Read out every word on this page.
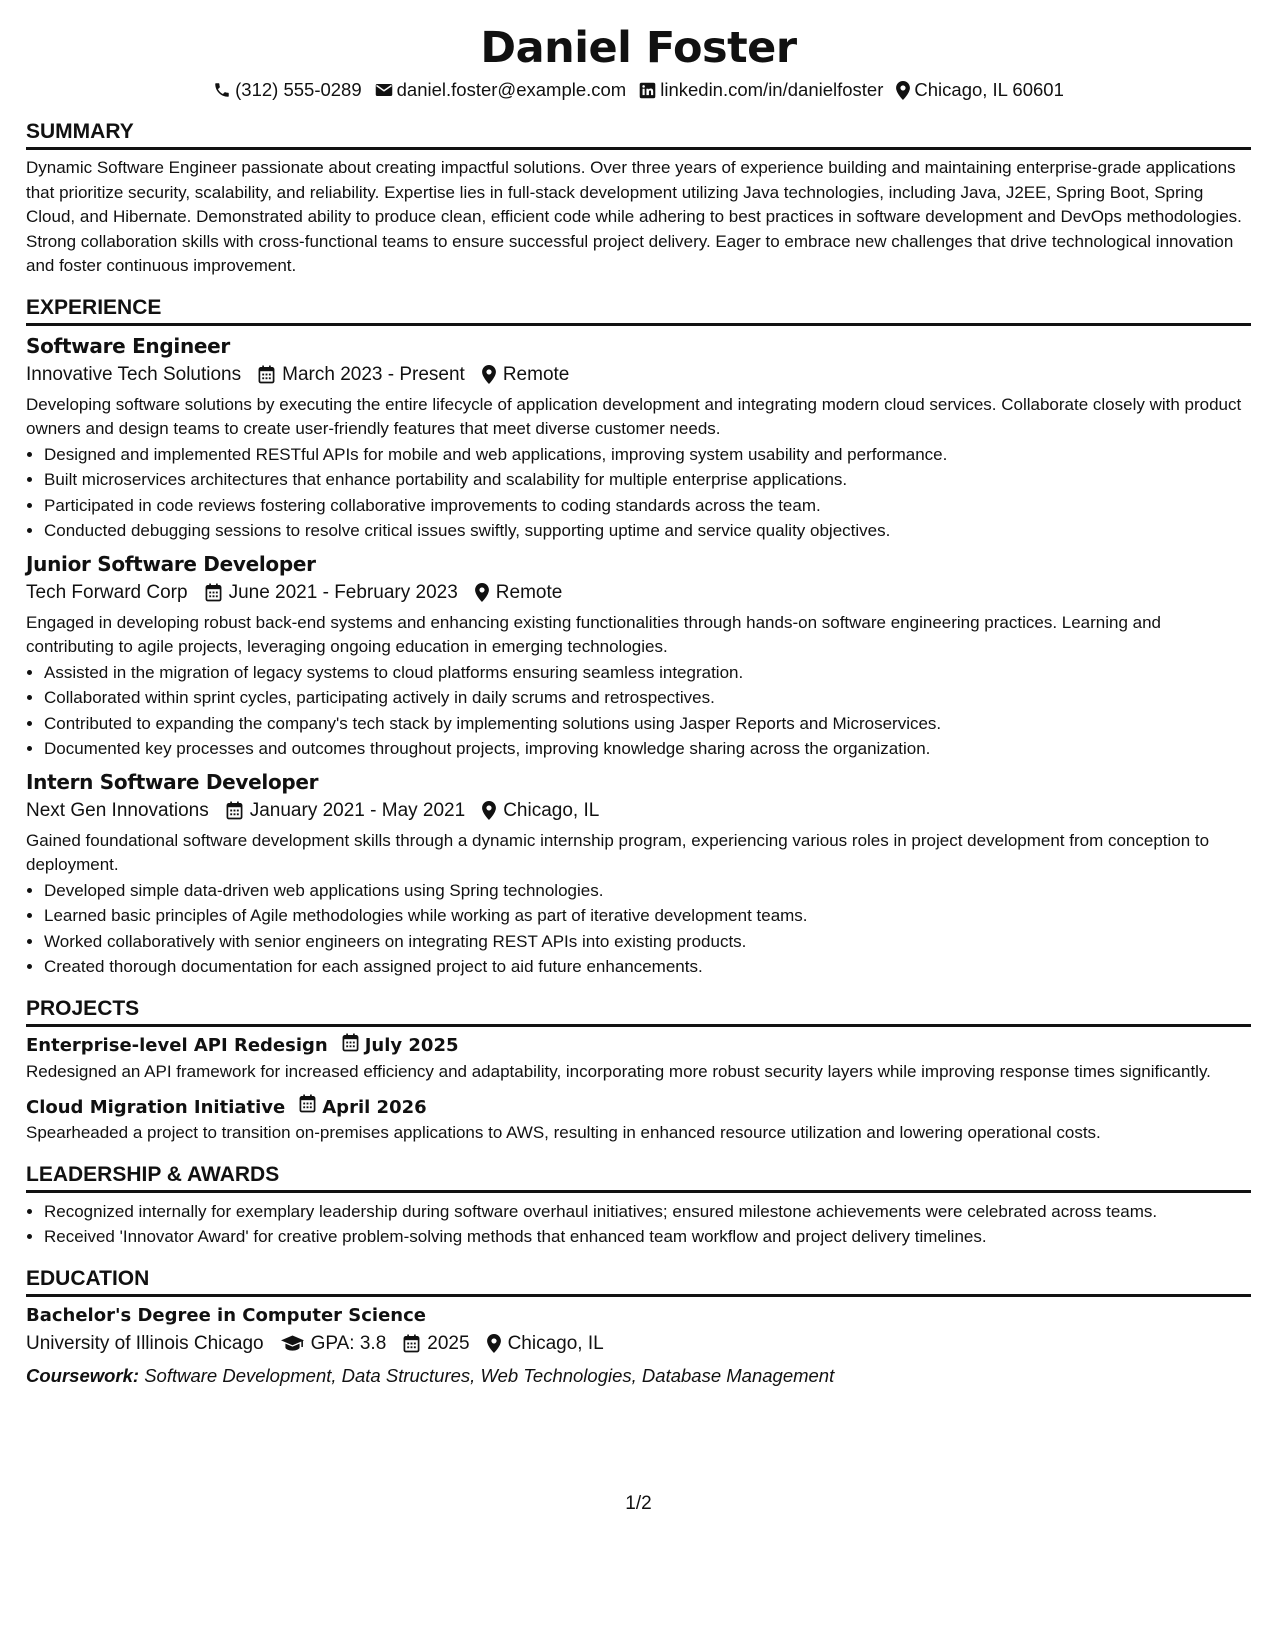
Daniel Foster
(312) 555-0289 daniel.foster@example.com linkedin.com/in/danielfoster Chicago, IL 60601
SUMMARY
Dynamic Software Engineer passionate about creating impactful solutions. Over three years of experience building and maintaining enterprise-grade applications that prioritize security, scalability, and reliability. Expertise lies in full-stack development utilizing Java technologies, including Java, J2EE, Spring Boot, Spring Cloud, and Hibernate. Demonstrated ability to produce clean, efficient code while adhering to best practices in software development and DevOps methodologies. Strong collaboration skills with cross-functional teams to ensure successful project delivery. Eager to embrace new challenges that drive technological innovation and foster continuous improvement.
EXPERIENCE
Software Engineer
Innovative Tech Solutions March 2023 - Present Remote
Developing software solutions by executing the entire lifecycle of application development and integrating modern cloud services. Collaborate closely with product owners and design teams to create user-friendly features that meet diverse customer needs.
• Designed and implemented RESTful APIs for mobile and web applications, improving system usability and performance.
• Built microservices architectures that enhance portability and scalability for multiple enterprise applications.
• Participated in code reviews fostering collaborative improvements to coding standards across the team.
• Conducted debugging sessions to resolve critical issues swiftly, supporting uptime and service quality objectives.
Junior Software Developer
Tech Forward Corp June 2021 - February 2023 Remote
Engaged in developing robust back-end systems and enhancing existing functionalities through hands-on software engineering practices. Learning and contributing to agile projects, leveraging ongoing education in emerging technologies.
• Assisted in the migration of legacy systems to cloud platforms ensuring seamless integration.
• Collaborated within sprint cycles, participating actively in daily scrums and retrospectives.
• Contributed to expanding the company's tech stack by implementing solutions using Jasper Reports and Microservices.
• Documented key processes and outcomes throughout projects, improving knowledge sharing across the organization.
Intern Software Developer
Next Gen Innovations January 2021 - May 2021 Chicago, IL
Gained foundational software development skills through a dynamic internship program, experiencing various roles in project development from conception to deployment.
• Developed simple data-driven web applications using Spring technologies.
• Learned basic principles of Agile methodologies while working as part of iterative development teams.
• Worked collaboratively with senior engineers on integrating REST APIs into existing products.
• Created thorough documentation for each assigned project to aid future enhancements.
PROJECTS
Enterprise-level API Redesign July 2025
Redesigned an API framework for increased efficiency and adaptability, incorporating more robust security layers while improving response times significantly.
Cloud Migration Initiative April 2026
Spearheaded a project to transition on-premises applications to AWS, resulting in enhanced resource utilization and lowering operational costs.
LEADERSHIP & AWARDS
• Recognized internally for exemplary leadership during software overhaul initiatives; ensured milestone achievements were celebrated across teams.
• Received 'Innovator Award' for creative problem-solving methods that enhanced team workflow and project delivery timelines.
EDUCATION
Bachelor's Degree in Computer Science
University of Illinois Chicago GPA: 3.8 2025 Chicago, IL
Coursework: Software Development, Data Structures, Web Technologies, Database Management
1/2
